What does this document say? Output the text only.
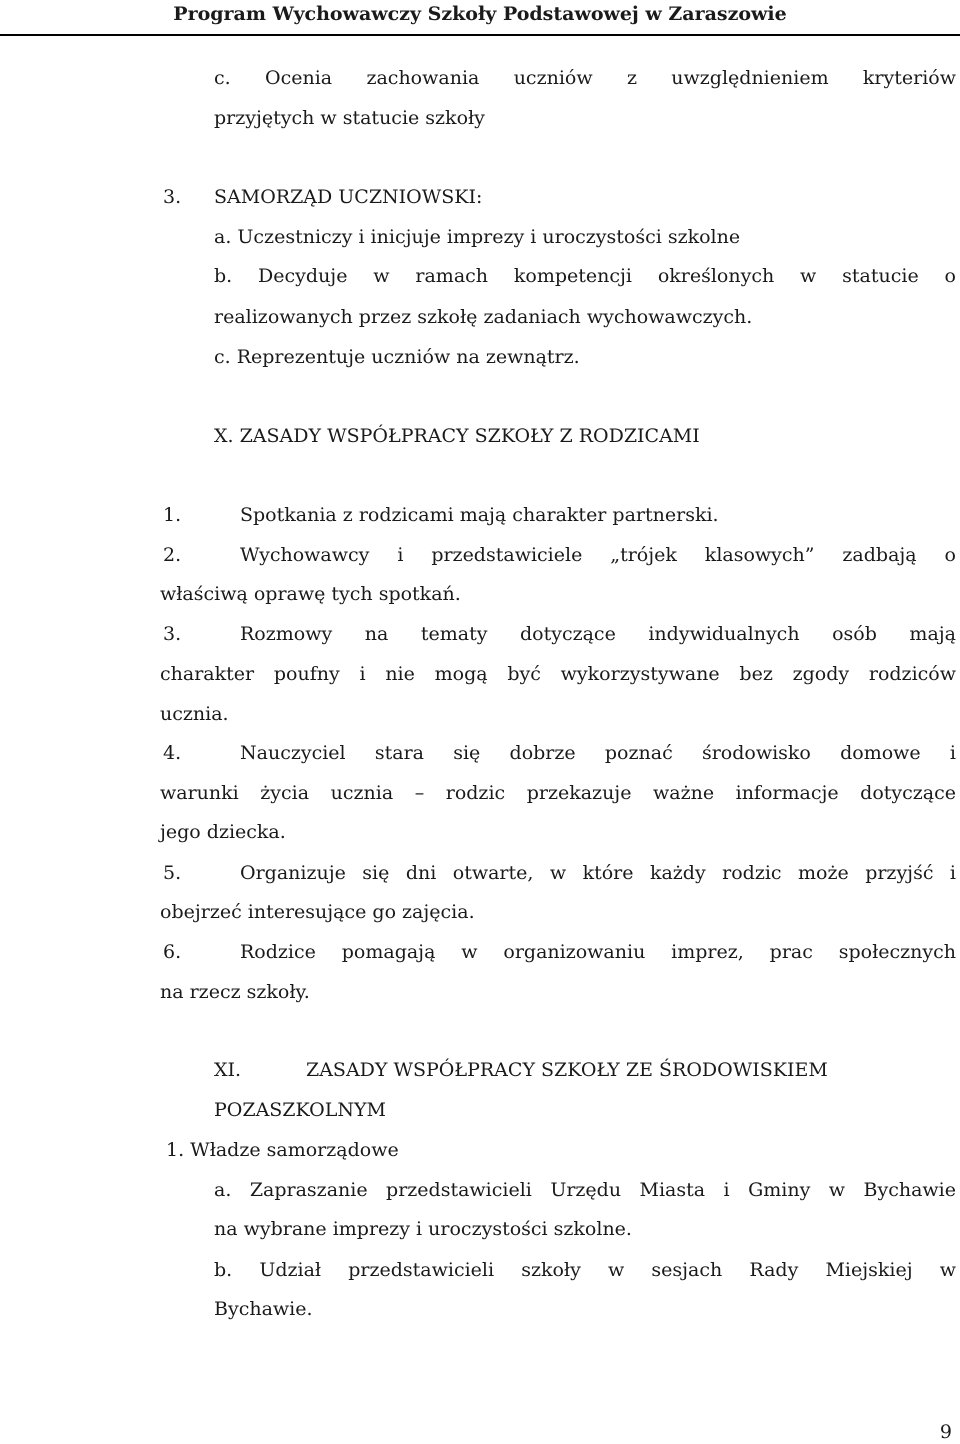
Program Wychowawczy Szkoły Podstawowej w Zaraszowie
c. Ocenia zachowania uczniów z uwzględnieniem kryteriów
przyjętych w statucie szkoły
3. SAMORZĄD UCZNIOWSKI:
a. Uczestniczy i inicjuje imprezy i uroczystości szkolne
b. Decyduje w ramach kompetencji określonych w statucie o
realizowanych przez szkołę zadaniach wychowawczych.
c. Reprezentuje uczniów na zewnątrz.
X. ZASADY WSPÓŁPRACY SZKOŁY Z RODZICAMI
1.	Spotkania z rodzicami mają charakter partnerski.
2.	Wychowawcy i przedstawiciele „trójek klasowych” zadbają o
właściwą oprawę tych spotkań.
3.	Rozmowy na tematy dotyczące indywidualnych osób mają
charakter poufny i nie mogą być wykorzystywane bez zgody rodziców
ucznia.
4.	Nauczyciel stara się dobrze poznać środowisko domowe i
warunki życia ucznia – rodzic przekazuje ważne informacje dotyczące
jego dziecka.
5.	Organizuje się dni otwarte, w które każdy rodzic może przyjść i
obejrzeć interesujące go zajęcia.
6.	Rodzice pomagają w organizowaniu imprez, prac społecznych
na rzecz szkoły.
XI.	ZASADY WSPÓŁPRACY SZKOŁY ZE ŚRODOWISKIEM
POZASZKOLNYM
1. Władze samorządowe
a. Zapraszanie przedstawicieli Urzędu Miasta i Gminy w Bychawie
na wybrane imprezy i uroczystości szkolne.
b. Udział przedstawicieli szkoły w sesjach Rady Miejskiej w
Bychawie.
9
